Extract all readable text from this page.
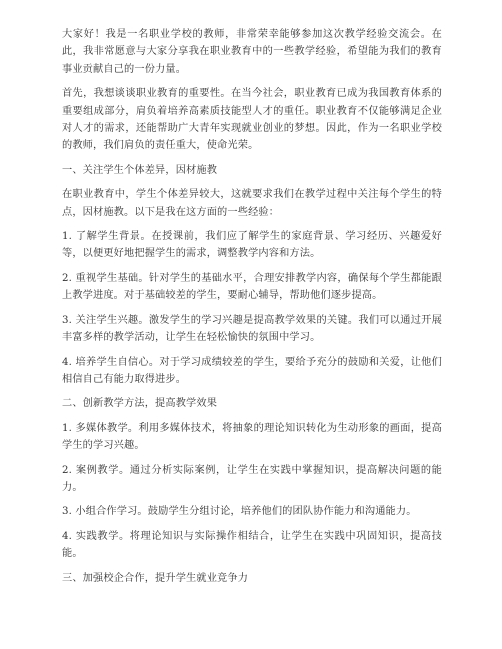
大家好！我是一名职业学校的教师，非常荣幸能够参加这次教学经验交流会。在此，我非常愿意与大家分享我在职业教育中的一些教学经验，希望能为我们的教育事业贡献自己的一份力量。

首先，我想谈谈职业教育的重要性。在当今社会，职业教育已成为我国教育体系的重要组成部分，肩负着培养高素质技能型人才的重任。职业教育不仅能够满足企业对人才的需求，还能帮助广大青年实现就业创业的梦想。因此，作为一名职业学校的教师，我们肩负的责任重大，使命光荣。

一、关注学生个体差异，因材施教

在职业教育中，学生个体差异较大，这就要求我们在教学过程中关注每个学生的特点，因材施教。以下是我在这方面的一些经验：

1. 了解学生背景。在授课前，我们应了解学生的家庭背景、学习经历、兴趣爱好等，以便更好地把握学生的需求，调整教学内容和方法。

2. 重视学生基础。针对学生的基础水平，合理安排教学内容，确保每个学生都能跟上教学进度。对于基础较差的学生，要耐心辅导，帮助他们逐步提高。

3. 关注学生兴趣。激发学生的学习兴趣是提高教学效果的关键。我们可以通过开展丰富多样的教学活动，让学生在轻松愉快的氛围中学习。

4. 培养学生自信心。对于学习成绩较差的学生，要给予充分的鼓励和关爱，让他们相信自己有能力取得进步。

二、创新教学方法，提高教学效果

1. 多媒体教学。利用多媒体技术，将抽象的理论知识转化为生动形象的画面，提高学生的学习兴趣。

2. 案例教学。通过分析实际案例，让学生在实践中掌握知识，提高解决问题的能力。

3. 小组合作学习。鼓励学生分组讨论，培养他们的团队协作能力和沟通能力。

4. 实践教学。将理论知识与实际操作相结合，让学生在实践中巩固知识，提高技能。

三、加强校企合作，提升学生就业竞争力
